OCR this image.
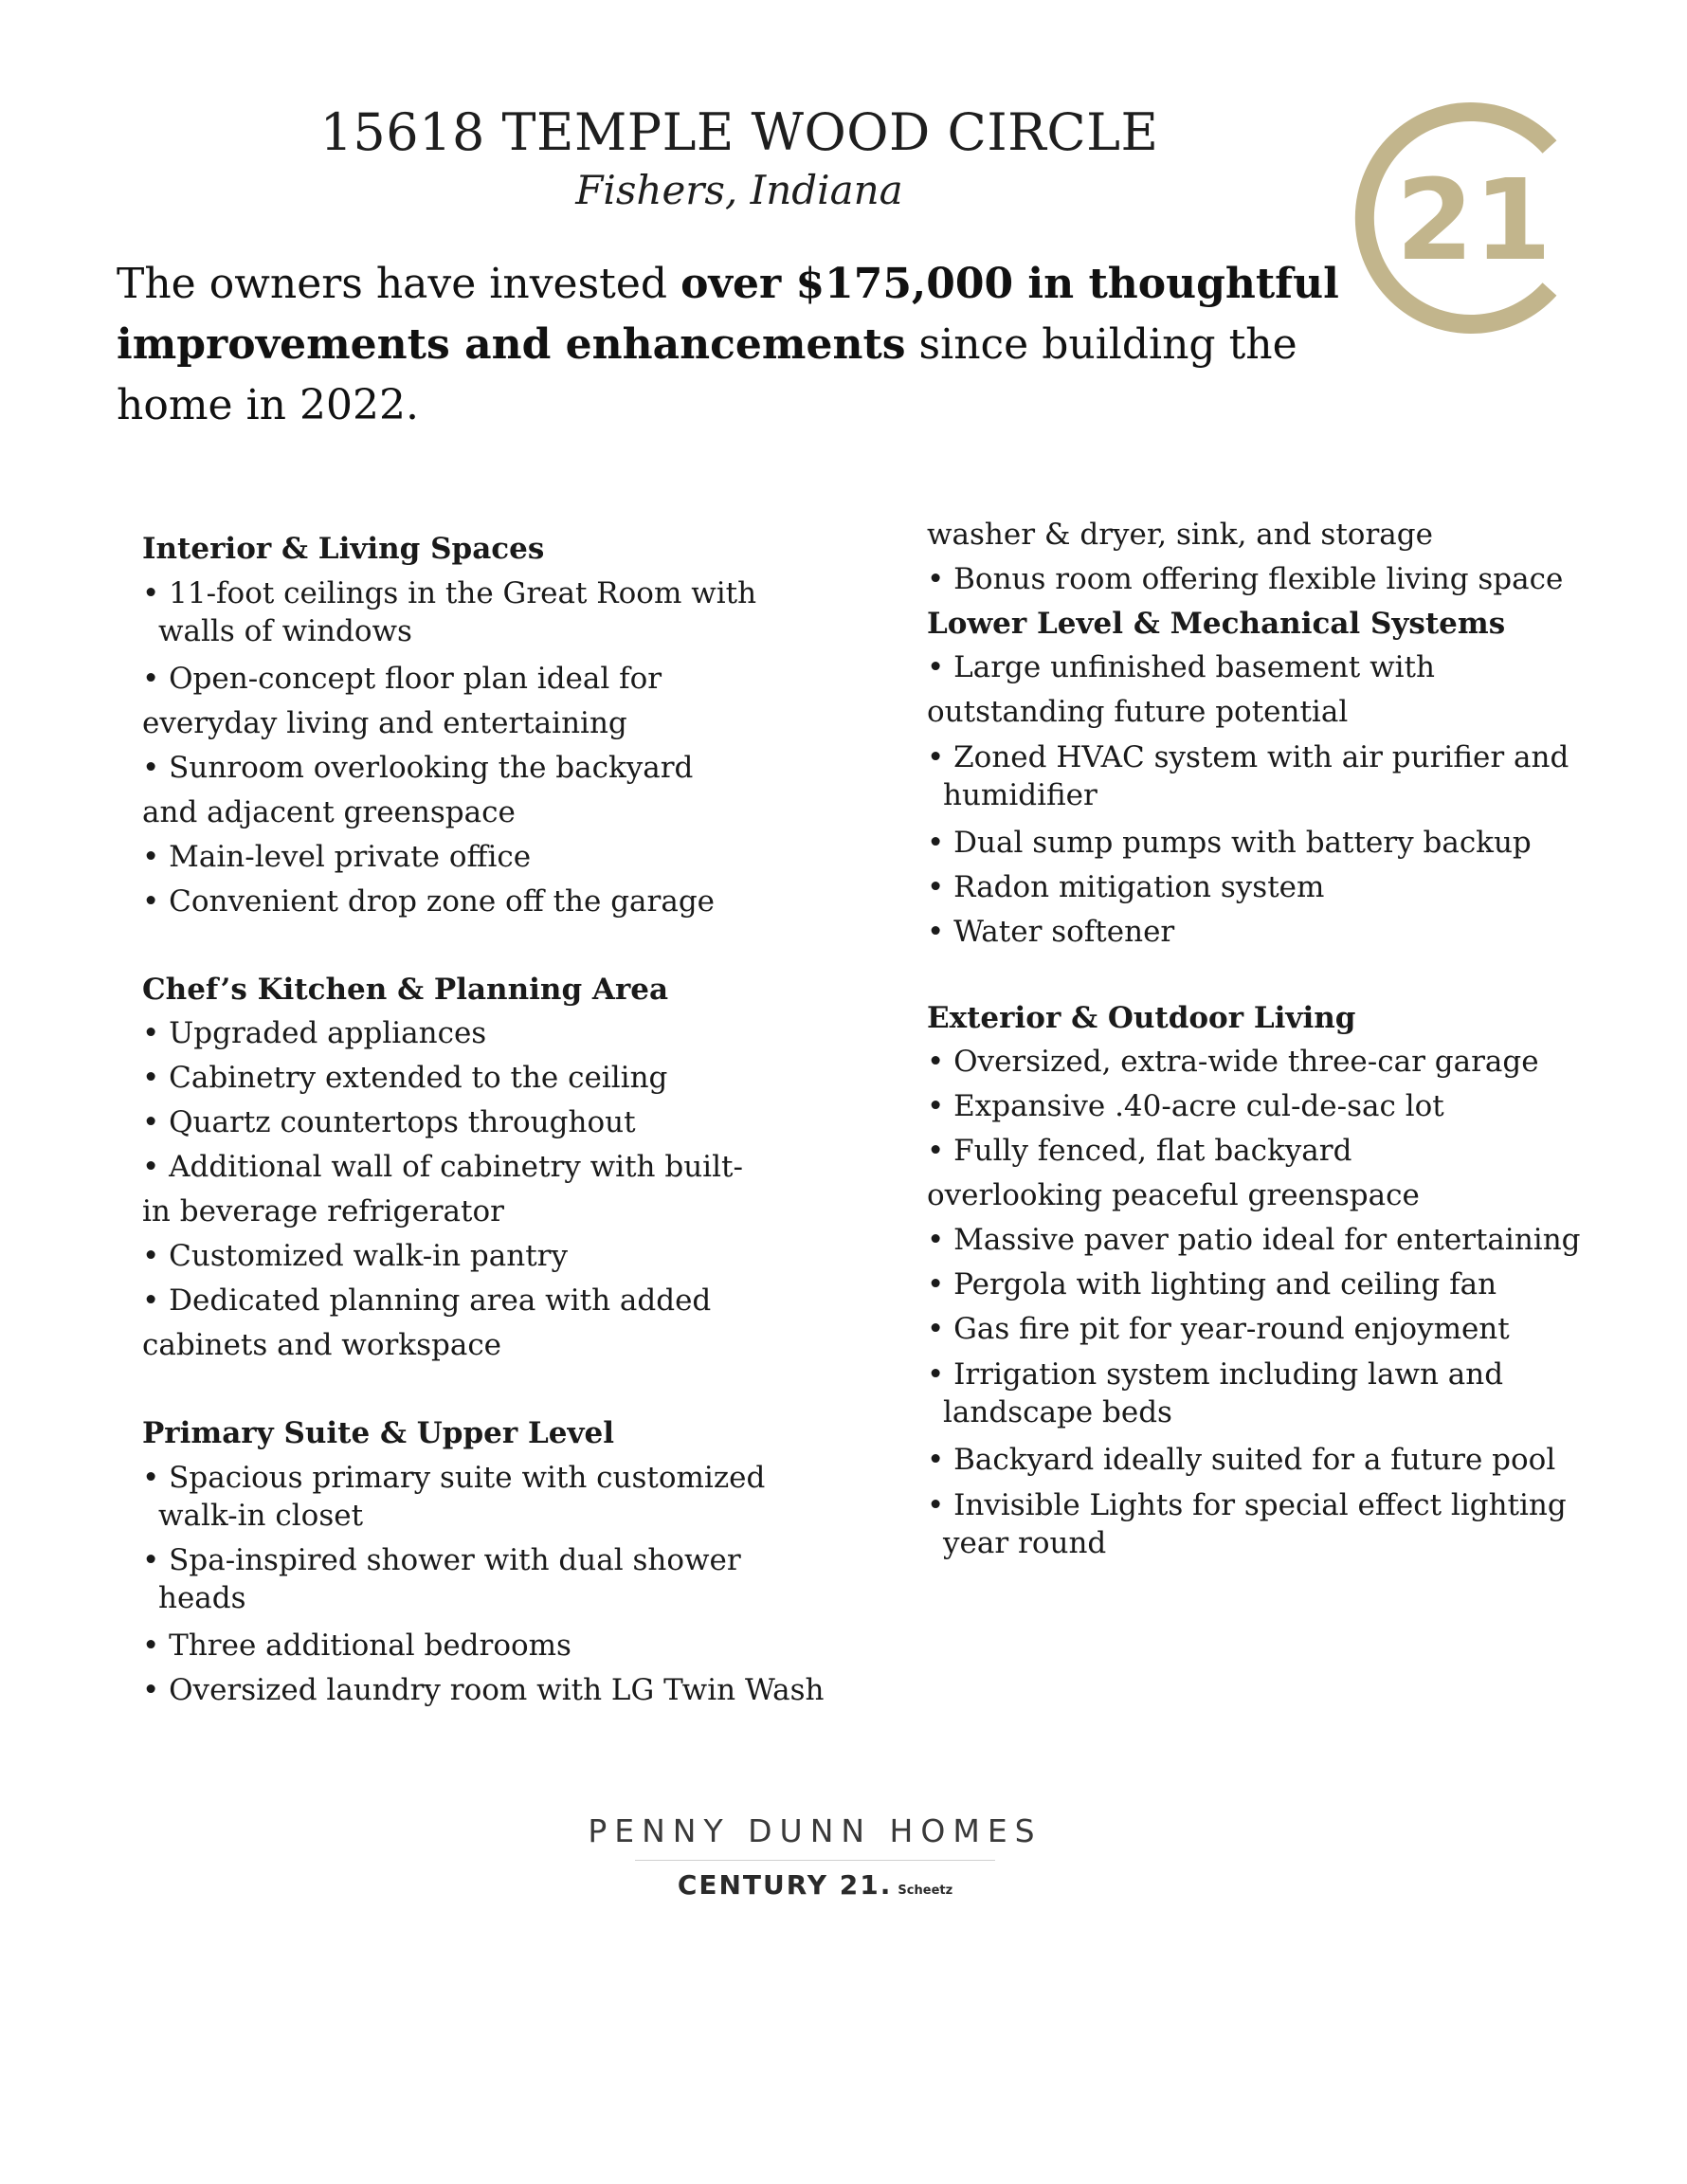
15618 TEMPLE WOOD CIRCLE
Fishers, Indiana	21
The owners have invested over $175,000 in thoughtful improvements and enhancements since building the home in 2022.
Interior & Living Spaces
• 11-foot ceilings in the Great Room with walls of windows
• Open-concept floor plan ideal for
everyday living and entertaining
• Sunroom overlooking the backyard
and adjacent greenspace
• Main-level private office
• Convenient drop zone off the garage
Chef’s Kitchen & Planning Area
• Upgraded appliances
• Cabinetry extended to the ceiling
• Quartz countertops throughout
• Additional wall of cabinetry with built-
in beverage refrigerator
• Customized walk-in pantry
• Dedicated planning area with added
cabinets and workspace
Primary Suite & Upper Level
• Spacious primary suite with customized walk-in closet
• Spa-inspired shower with dual shower heads
• Three additional bedrooms
• Oversized laundry room with LG Twin Wash
washer & dryer, sink, and storage
• Bonus room offering flexible living space
Lower Level & Mechanical Systems
• Large unfinished basement with
outstanding future potential
• Zoned HVAC system with air purifier and humidifier
• Dual sump pumps with battery backup
• Radon mitigation system
• Water softener
Exterior & Outdoor Living
• Oversized, extra-wide three-car garage
• Expansive .40-acre cul-de-sac lot
• Fully fenced, flat backyard
overlooking peaceful greenspace
• Massive paver patio ideal for entertaining
• Pergola with lighting and ceiling fan
• Gas fire pit for year-round enjoyment
• Irrigation system including lawn and landscape beds
• Backyard ideally suited for a future pool
• Invisible Lights for special effect lighting year round
PENNY DUNN HOMES
CENTURY 21. Scheetz
